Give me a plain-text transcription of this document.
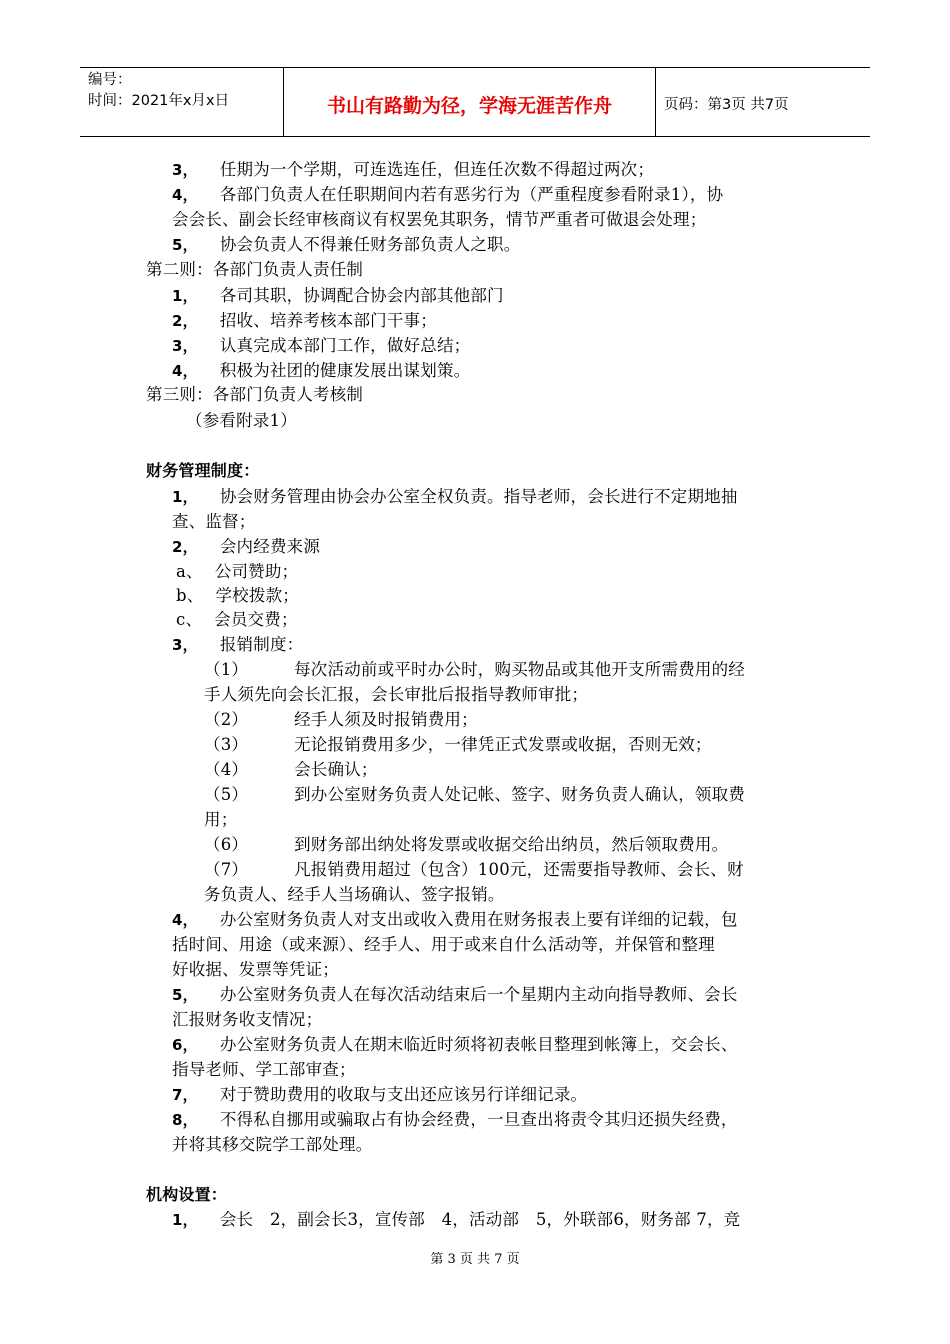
编号：
时间：2021年x月x日	书山有路勤为径，学海无涯苦作舟	页码：第3页 共7页
3， 任期为一个学期，可连选连任，但连任次数不得超过两次；
4， 各部门负责人在任职期间内若有恶劣行为（严重程度参看附录1），协
会会长、副会长经审核商议有权罢免其职务，情节严重者可做退会处理；
5， 协会负责人不得兼任财务部负责人之职。
第二则：各部门负责人责任制
1， 各司其职，协调配合协会内部其他部门
2， 招收、培养考核本部门干事；
3， 认真完成本部门工作，做好总结；
4， 积极为社团的健康发展出谋划策。
第三则：各部门负责人考核制
（参看附录1）
财务管理制度：
1， 协会财务管理由协会办公室全权负责。指导老师，会长进行不定期地抽
查、监督；
2， 会内经费来源
a、 公司赞助；
b、 学校拨款；
c、 会员交费；
3， 报销制度：
（1）	每次活动前或平时办公时，购买物品或其他开支所需费用的经
手人须先向会长汇报，会长审批后报指导教师审批；
（2）	经手人须及时报销费用；
（3）	无论报销费用多少，一律凭正式发票或收据，否则无效；
（4）	会长确认；
（5）	到办公室财务负责人处记帐、签字、财务负责人确认，领取费
用；
（6）	到财务部出纳处将发票或收据交给出纳员，然后领取费用。
（7）	凡报销费用超过（包含）100元，还需要指导教师、会长、财
务负责人、经手人当场确认、签字报销。
4， 办公室财务负责人对支出或收入费用在财务报表上要有详细的记载，包
括时间、用途（或来源）、经手人、用于或来自什么活动等，并保管和整理
好收据、发票等凭证；
5， 办公室财务负责人在每次活动结束后一个星期内主动向指导教师、会长
汇报财务收支情况；
6， 办公室财务负责人在期末临近时须将初表帐目整理到帐簿上，交会长、
指导老师、学工部审查；
7， 对于赞助费用的收取与支出还应该另行详细记录。
8， 不得私自挪用或骗取占有协会经费，一旦查出将责令其归还损失经费，
并将其移交院学工部处理。
机构设置：
1， 会长　2，副会长3，宣传部　4，活动部　5，外联部6，财务部 7，竞
第 3 页 共 7 页
